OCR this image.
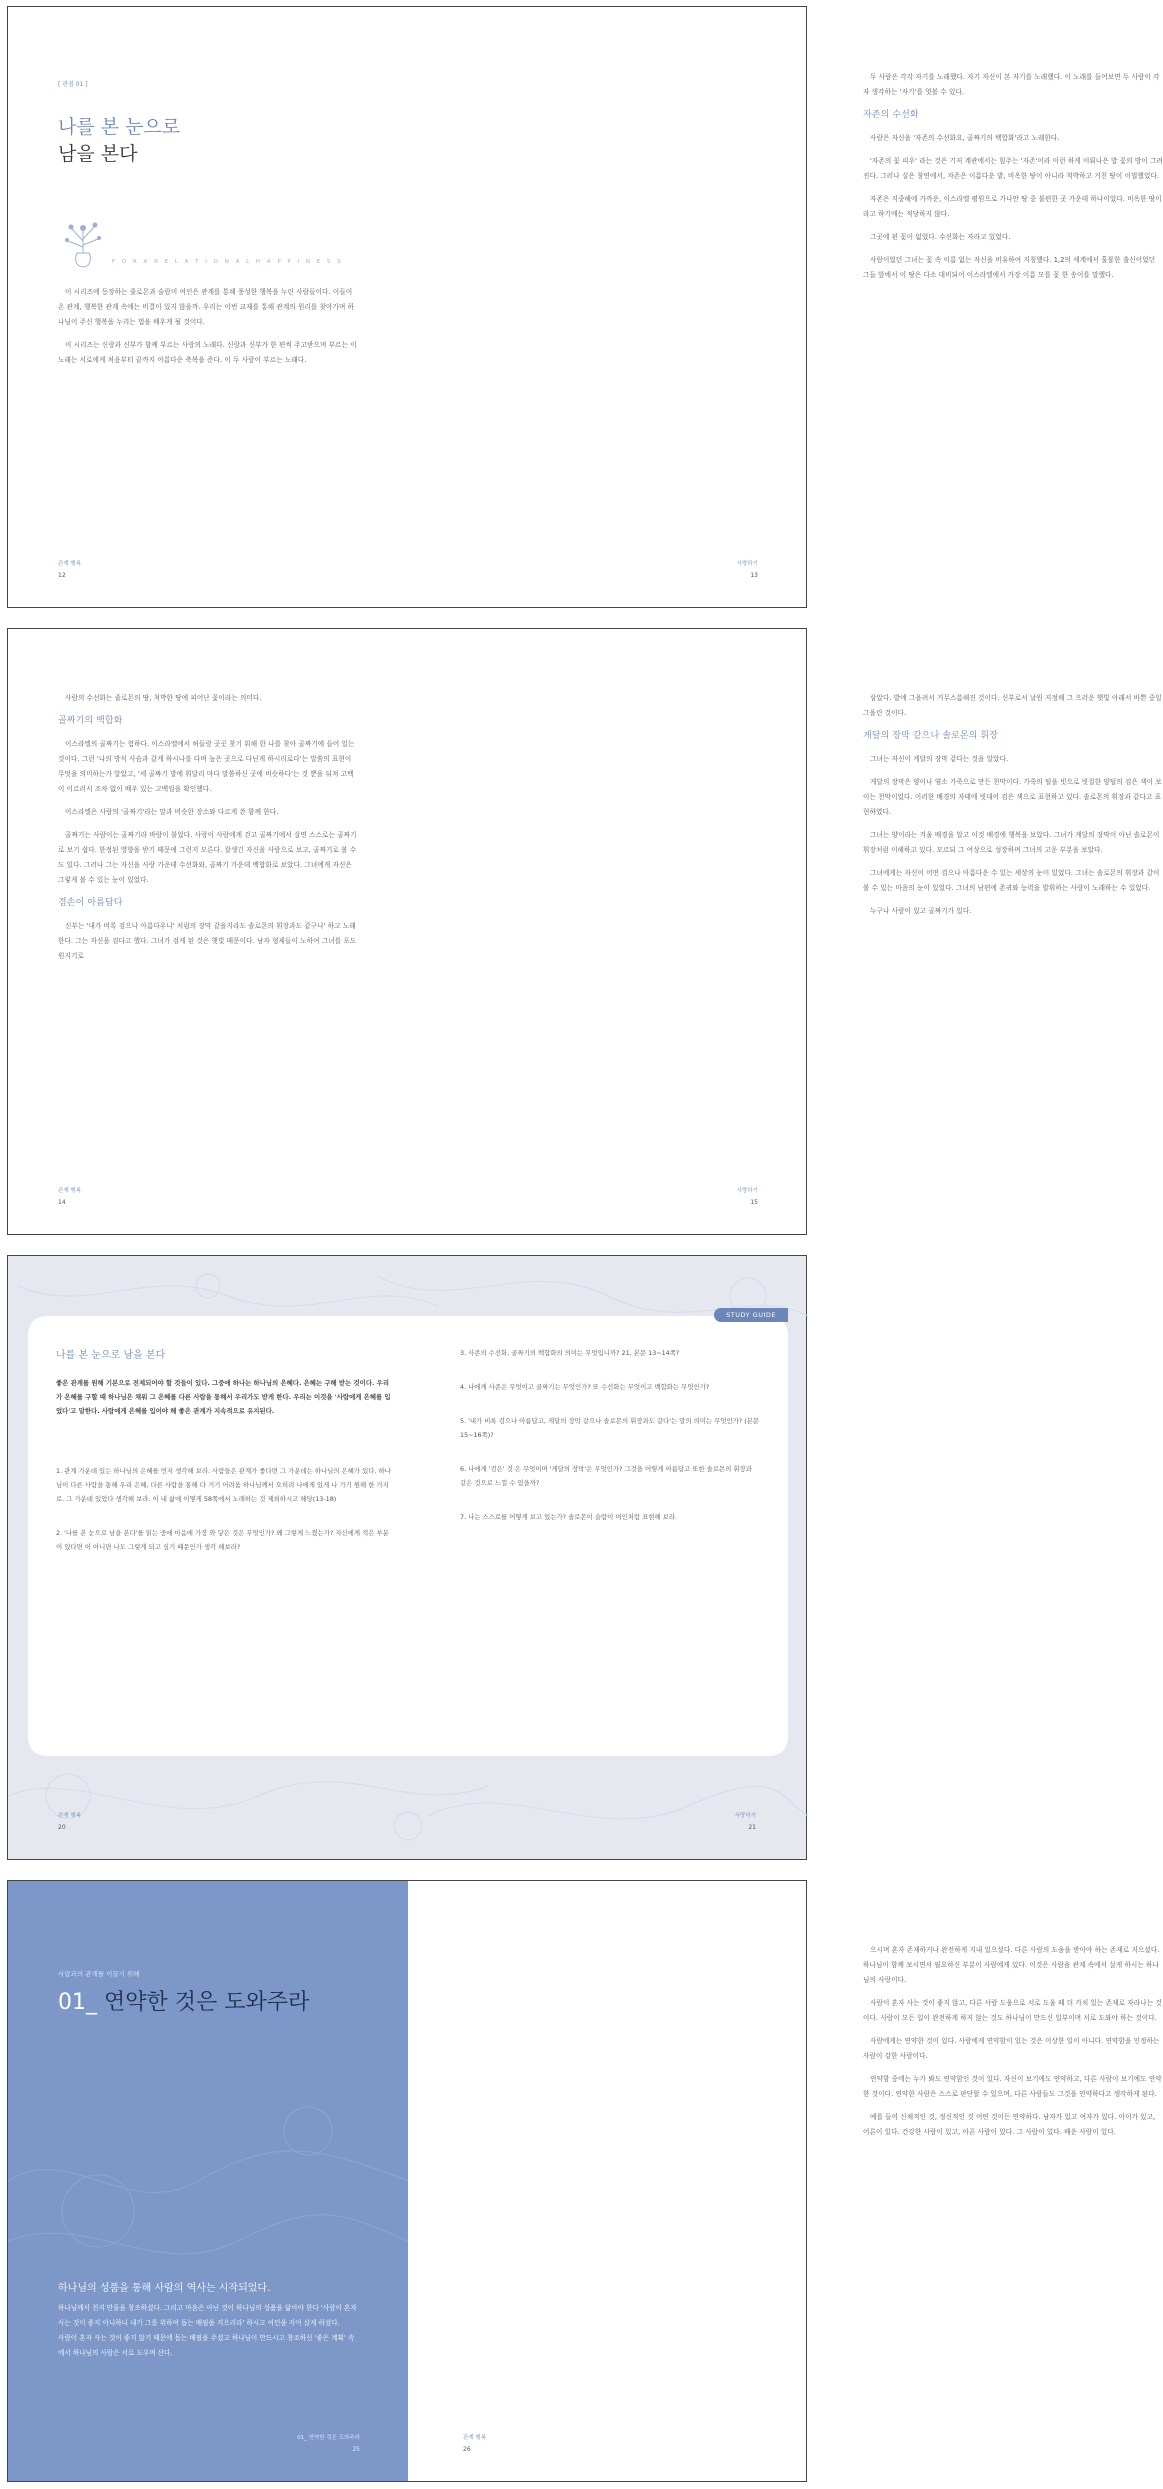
[ 관점 01 ]
나를 본 눈으로
남을 본다
F O R A R E L A T I O N A L H A P P I N E S S

이 시리즈에 등장하는 줄로몬과 술람미 여인은 관계를 통해 풍성한 행복을 누린 사람들이다. 이들이 온 관계, 행복한 관계 속에는 비결이 있지 않을까. 우리는 이번 교재를 통해 관계의 원리를 찾아가며 하나님이 주신 행복을 누리는 법을 배우게 될 것이다.

이 시리즈는 신랑과 신부가 함께 부르는 사랑의 노래다. 신랑과 신부가 한 편씩 주고받으며 부르는 이 노래는 서로에게 처음부터 끝까지 아름다운 축복을 준다. 이 두 사람이 부르는 노래다.

관계 행복
12

두 사람은 각각 자기를 노래했다. 자기 자신이 본 자기를 노래했다. 이 노래를 들어보면 두 사람이 각자 생각하는 '자기'를 엿볼 수 있다.

자존의 수선화

사람은 자신을 '자존의 수선화요, 골짜기의 백합화'라고 노래한다.

'자존의 꽃 피우' 라는 것은 기저 계관에서는 힘주는 '자존'이라 이런 하게 이뤄나은 밥 꽃의 방이 그려진다. 그러나 실은 창연에서, 자존은 이름다운 밭, 비옥한 땅이 아니라 척박하고 거친 땅이 이벌했었다.

자존은 지중해에 가까운, 이스라엘 평원으로 가나안 땅 중 불편한 곳 가운데 하나이었다. 비옥한 땅이라고 하기에는 적당하지 않다.

그곳에 핀 꽃이 없었다. 수선화는 자라고 있었다.

사람이었던 그녀는 꽃 속 이름 없는 자신을 비유하여 지칭했다. 1,2의 세계에서 훌륭한 출신이었던 그들 앞에서 이 땅은 다소 대비되어 이스라엘에서 가장 이름 모를 꽃 한 송이를 말했다.

사랑하기
13

사람의 수선화는 줄로몬의 땅, 척박한 땅에 피어난 꽃이라는 의미다.

골짜기의 백합화

이스라엘의 골짜기는 험하다. 이스라엘에서 허들랑 곳곳 찾기 위해 한 나를 찾아 골짜기에 들어 있는 것이다. 그런 '나의 방식 사슴과 같게 하시나를 다며 높은 곳으로 다닌게 하시리로다'는 말씀의 표현이 무엇을 의미하는가 알았고, '세 골짜기 발에 휘달리 마다 말씀하신 곳에 비슷하다'는 것 뿐을 뒤져 고백이 이르러서 조차 없이 배우 있는 고백임을 확인했다.

이스라엘은 사람의 '골짜기'라는 말과 비슷한 장소와 다르게 쓴 함께 한다.

골짜기는 사람이는 골짜기라 바람이 불었다. 사랑이 사람에게 걷고 골짜기에서 살면 스스로는 골짜기로 보기 쉽다. 한정된 영향을 받기 때문에 그런지 모른다. 잘생긴 자신을 사람으로 보고, 골짜기로 볼 수도 있다. 그러나 그는 자신을 사랑 가운데 수선화와, 골짜기 가운데 백합화로 보았다. 그녀에게 자신은 그렇게 볼 수 있는 눈이 있었다.

겸손이 아름답다

신부는 '내가 비록 검으나 아름다우니' 처럼의 장막 같을지라도 솔로몬의 휘장과도 같구나' 하고 노래한다. 그는 자신을 검다고 했다. 그녀가 검게 된 것은 햇빛 때문이다. 남자 형제들이 노하여 그녀를 포도원지기로

관계 행복
14

삼았다. 밭에 그을려서 거무스름해진 것이다. 신부로서 날원 지정해 그 으러운 햇빛 아래서 바쁜 중일 그을린 것이다.

게달의 장막 같으나 솔로몬의 휘장

그녀는 자신이 게달의 장막 같다는 것을 알았다.

게달의 장막은 양이나 염소 가죽으로 만든 천막이다. 가죽의 털을 빗으로 빗질한 양털의 검은 색이 보이는 천막이었다. 이러한 배경의 자태에 빗대어 검은 색으로 표현하고 있다. 솔로몬의 휘장과 같다고 표현하였다.

그녀는 양이라는 겨울 배경을 알고 이것 배경에 행복을 보았다. 그녀가 게달의 장막이 아닌 솔로몬이 휘장처럼 이해하고 있다. 모르되 그 여상으로 성장하며 그녀의 고운 부분을 보았다.

그녀에게는 자신이 어떤 검으나 아름다운 수 있는 세상의 눈이 있었다. 그녀는 솔로몬의 휘장과 같이 볼 수 있는 마음의 눈이 있었다. 그녀의 남편에 존귀와 능력을 발휘하는 사랑이 노래하는 수 있었다.

누구나 사람이 있고 골짜기가 있다.

사랑하기
15
STUDY GUIDE
나를 본 눈으로 남을 본다
좋은 관계를 원해 기본으로 전제되어야 할 것들이 있다. 그중에 하나는 하나님의 은혜다. 은혜는 구해 받는 것이다. 우리가 은혜를 구할 때 하나님은 채워 그 은혜를 다른 사람을 통해서 우리가도 받게 한다. 우리는 이것을 '사람에게 은혜를 입었다'고 말한다. 사람에게 은혜를 입어야 해 좋은 관계가 지속적으로 유지된다.
1. 관계 가운데 있는 하나님의 은혜를 먼저 생각해 보라. 사람들은 관계가 좋다면 그 가운데는 하나님의 은혜가 있다. 하나님이 다른 사람을 통해 우리 은혜, 다른 사람을 통해 다 거기 어려움 하나님께서 오히려 나에게 있게 나 가기 원해 한 가지로. 그 가운데 있었다 생각해 보라. 이 내 삶에 어떻게 58쪽에서 노래하는 것 제외하시고 해당(13-18)
2. '나를 본 눈으로 남을 본다'를 읽는 중에 마음에 가장 와 닿은 것은 무엇인가? 왜 그렇게 느꼈는가? 자신에게 적은 부분이 있다면 이 아니면 나도 그렇게 되고 싶기 때문인가 생각 해보라?
3. 사존의 수선화, 골짜기의 백합화의 의미는 무엇입니까? 21, 본문 13~14쪽?
4. 나에게 사존은 무엇이고 골짜기는 무엇인가? 또 수선화는 무엇이고 백합화는 무엇인가?
5. '내가 비록 검으나 아름답고, 게달의 장막 같으나 솔로몬의 휘장과도 같다'는 말의 의미는 무엇인가? (본문 15~16쪽)?
6. 나에게 '검은' 것 은 무엇이며 '게달의 장막'은 무엇인가? 그것을 어떻게 아름답고 또한 솔로몬의 휘장과 같은 것으로 느낄 수 있을까?
7. 나는 스스로를 어떻게 보고 있는가? 솔로몬이 슬람이 여인처럼 표현해 보라.
관계 행복
20
사랑하기
21
사람과의 관계를 이끌기 위해
01_ 연약한 것은 도와주라
하나님의 성품을 통해 사람의 역사는 시작되었다.

하나님께서 천지 만물을 창조하셨다. 그리고 마음은 아닌 것이 하나님의 성품을 닮아야 한다 '사람이 혼자 사는 것이 좋지 아니하니 내가 그를 위하여 돕는 배필을 지으리라' 하시고 여인을 지어 살게 하셨다.

사람이 혼자 사는 것이 좋지 않기 때문에 돕는 배필을 주셨고 하나님이 만드시고 창조하신 '좋은 계획' 속에서 하나님의 사람은 서로 도우며 산다.

01_ 연약한 것은 도와주라
25

으시며 혼자 존재하거나 완전하게 지내 있으셨다. 다른 사람의 도움을 받아야 하는 존재로 지으셨다. 하나님이 함께 보시면서 필요하신 부분이 사람에게 있다. 이것은 사람을 관계 속에서 살게 하시는 하나님의 사랑이다.

사람이 혼자 사는 것이 좋지 않고, 다른 사람 도움으로 서로 도울 때 더 가치 있는 존재로 자라나는 것이다. 사람이 모든 일이 완전하게 하지 않는 것도 하나님이 만드신 일부이며 서로 도와야 하는 것이다.

사람에게는 연약한 것이 있다. 사람에게 연약함이 있는 것은 이상한 일이 아니다. 연약함을 인정하는 사람이 강한 사람이다.

연약함 중에는 누가 봐도 연약함인 것이 있다. 자신이 보기에도 연약하고, 다른 사람이 보기에도 연약한 것이다. 연약한 사람은 스스로 판단할 수 있으며, 다른 사람들도 그것을 연약하다고 생각하게 된다.

예를 들어 신체적인 것, 정신적인 것 어떤 것이든 연약하다. 남자가 있고 여자가 있다. 아이가 있고, 어른이 있다. 건강한 사람이 있고, 아픈 사람이 있다. 그 사람이 있다. 배운 사람이 있다.

관계 행복
26
